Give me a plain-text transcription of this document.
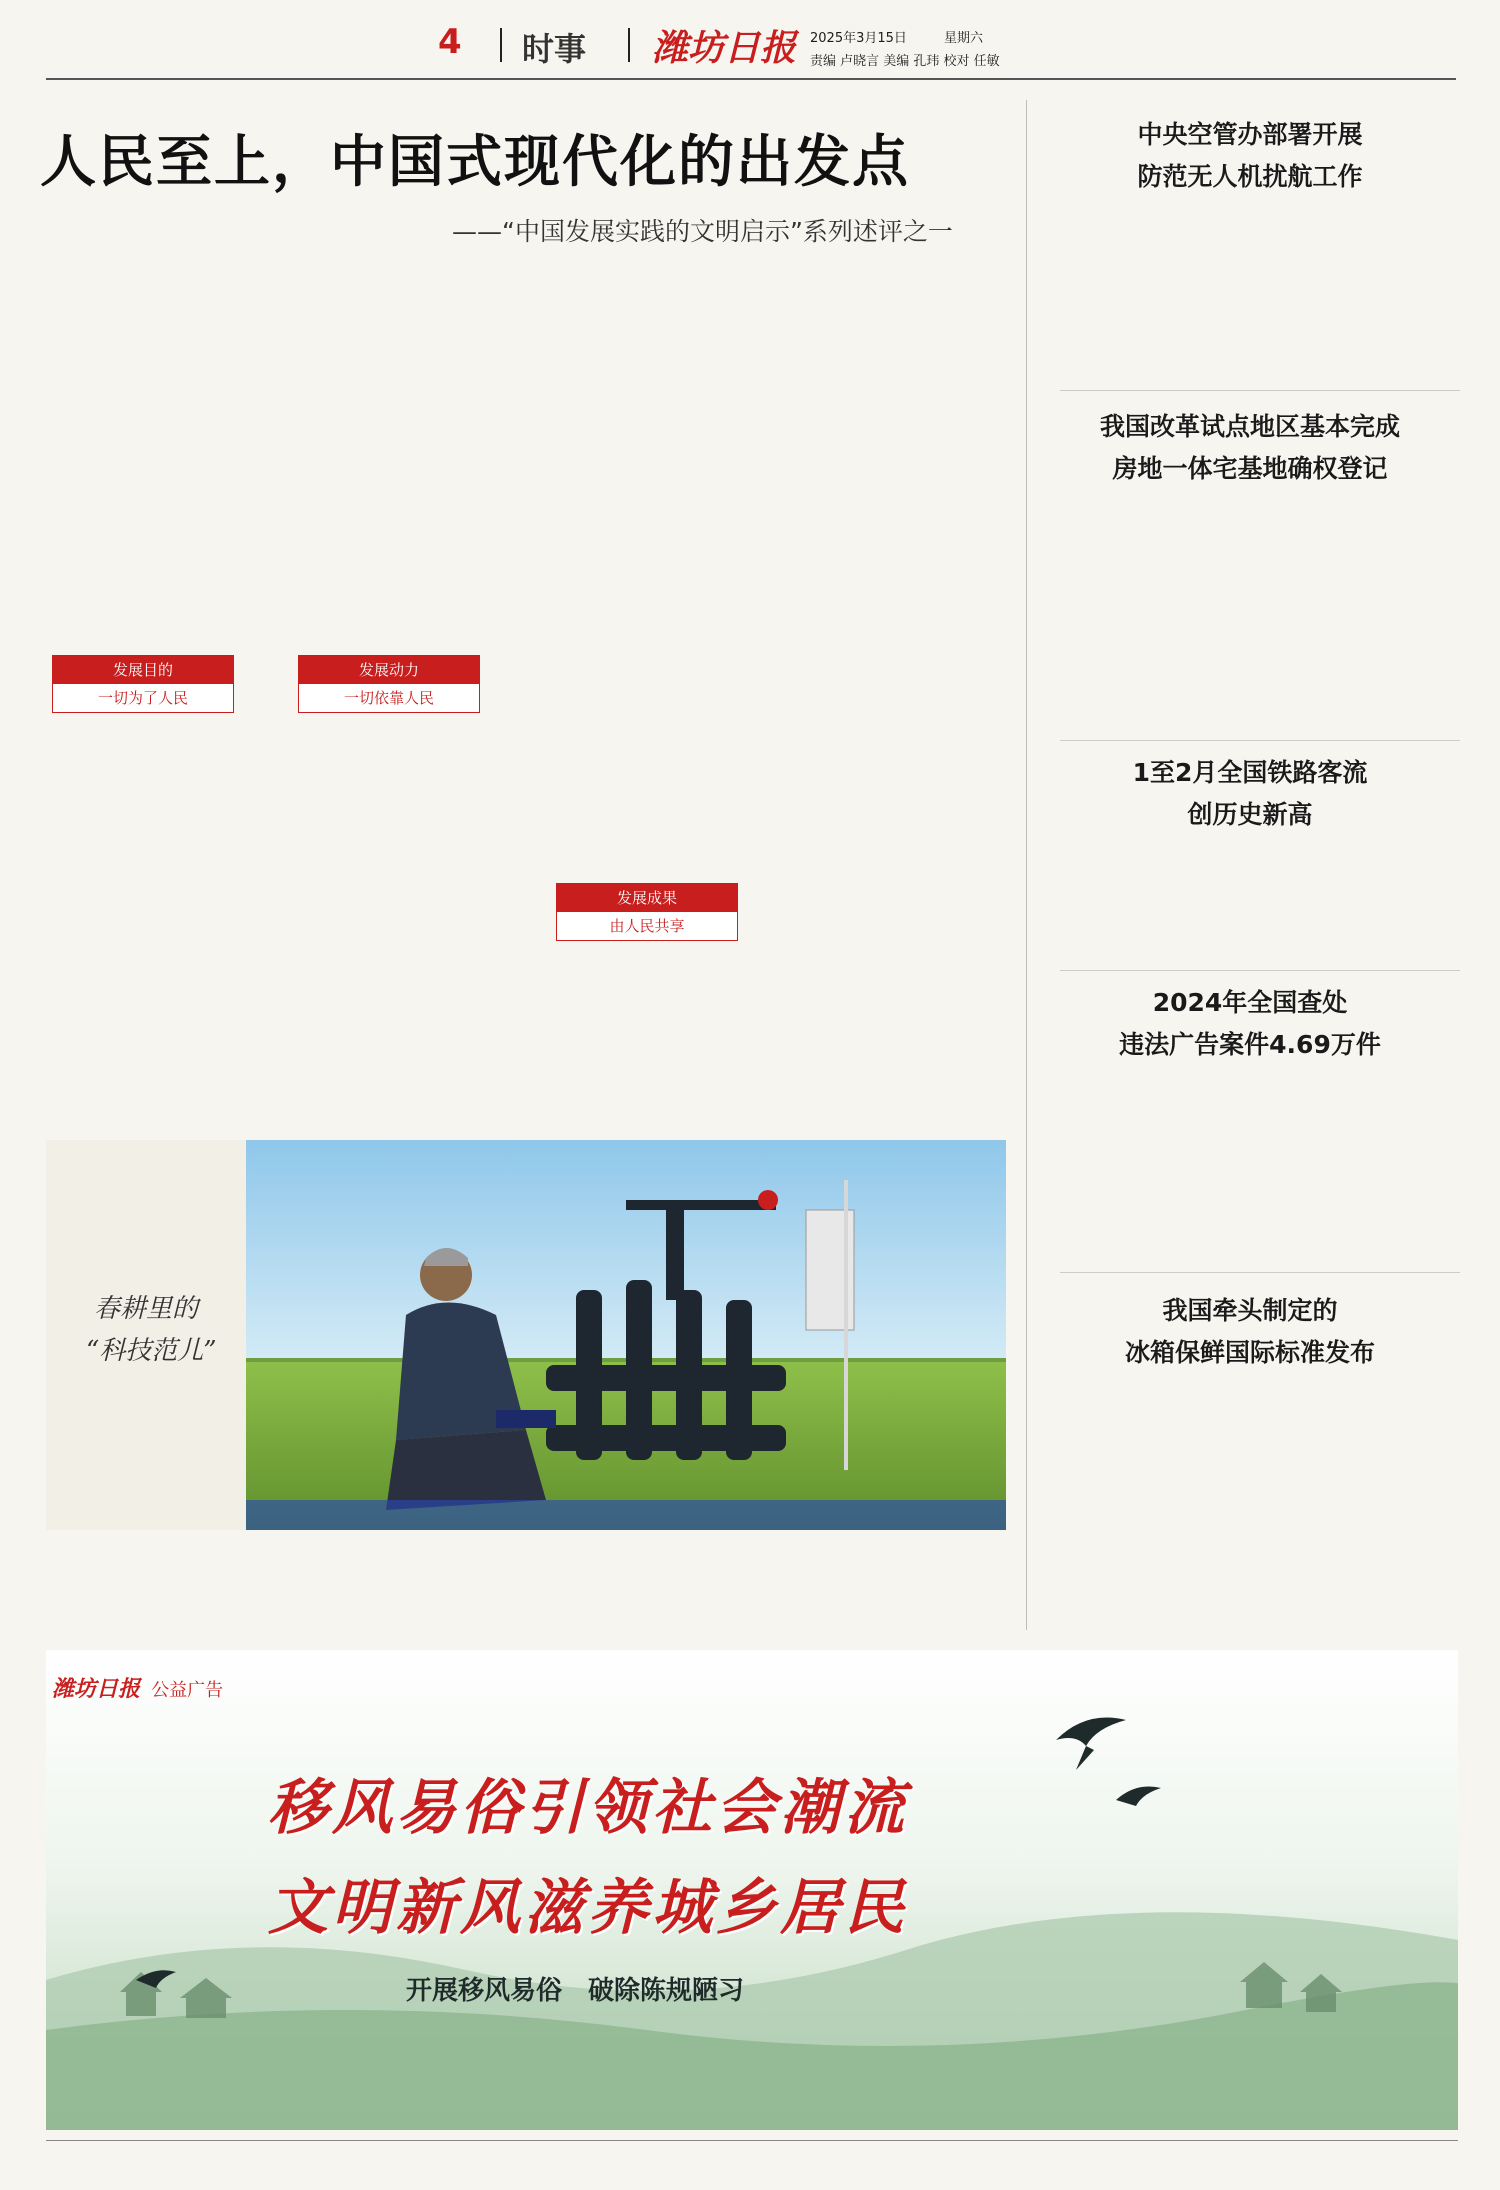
4 时事 潍坊日报 2025年3月15日	星期六
责编 卢晓言 美编 孔玮 校对 任敏
人民至上，中国式现代化的出发点
——“中国发展实践的文明启示”系列述评之一
发展目的
一切为了人民
发展动力
一切依靠人民
发展成果
由人民共享
春耕里的
“科技范儿”
中央空管办部署开展
防范无人机扰航工作
我国改革试点地区基本完成
房地一体宅基地确权登记
1至2月全国铁路客流
创历史新高
2024年全国查处
违法广告案件4.69万件
我国牵头制定的
冰箱保鲜国际标准发布
潍坊日报 公益广告
移风易俗引领社会潮流
文明新风滋养城乡居民
开展移风易俗　破除陈规陋习
